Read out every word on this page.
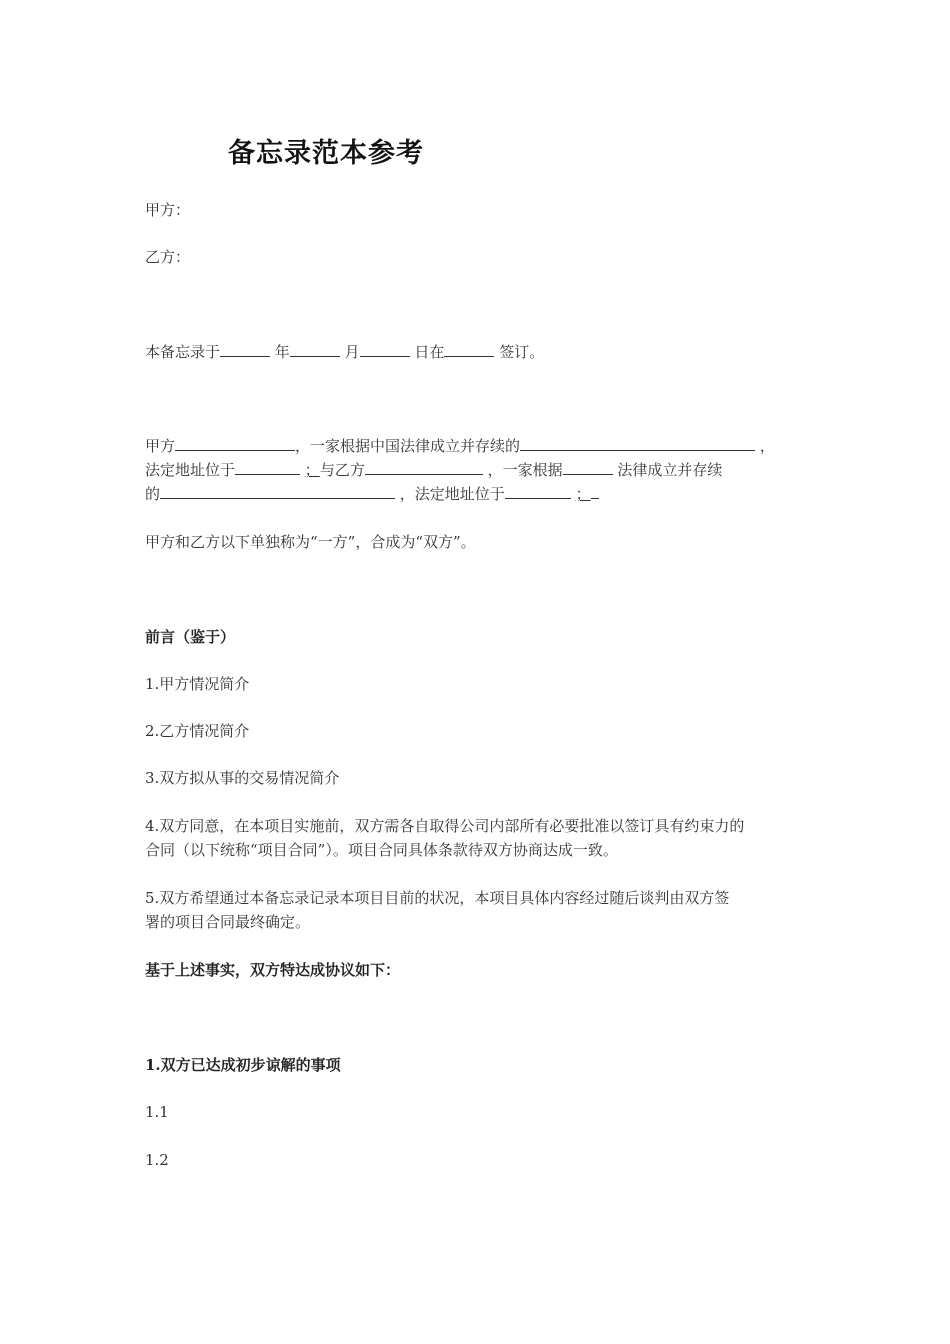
备忘录范本参考
甲方：
乙方：
本备忘录于	年	月	日在	签订。
甲方	，一家根据中国法律成立并存续的	，
法定地址位于	；与乙方	，一家根据	法律成立并存续
的	，法定地址位于	；
甲方和乙方以下单独称为“一方”，合成为“双方”。
前言（鉴于）
1.甲方情况简介
2.乙方情况简介
3.双方拟从事的交易情况简介
4.双方同意，在本项目实施前，双方需各自取得公司内部所有必要批准以签订具有约束力的
合同（以下统称“项目合同”）。项目合同具体条款待双方协商达成一致。
5.双方希望通过本备忘录记录本项目目前的状况，本项目具体内容经过随后谈判由双方签
署的项目合同最终确定。
基于上述事实，双方特达成协议如下：
1.双方已达成初步谅解的事项
1.1
1.2
